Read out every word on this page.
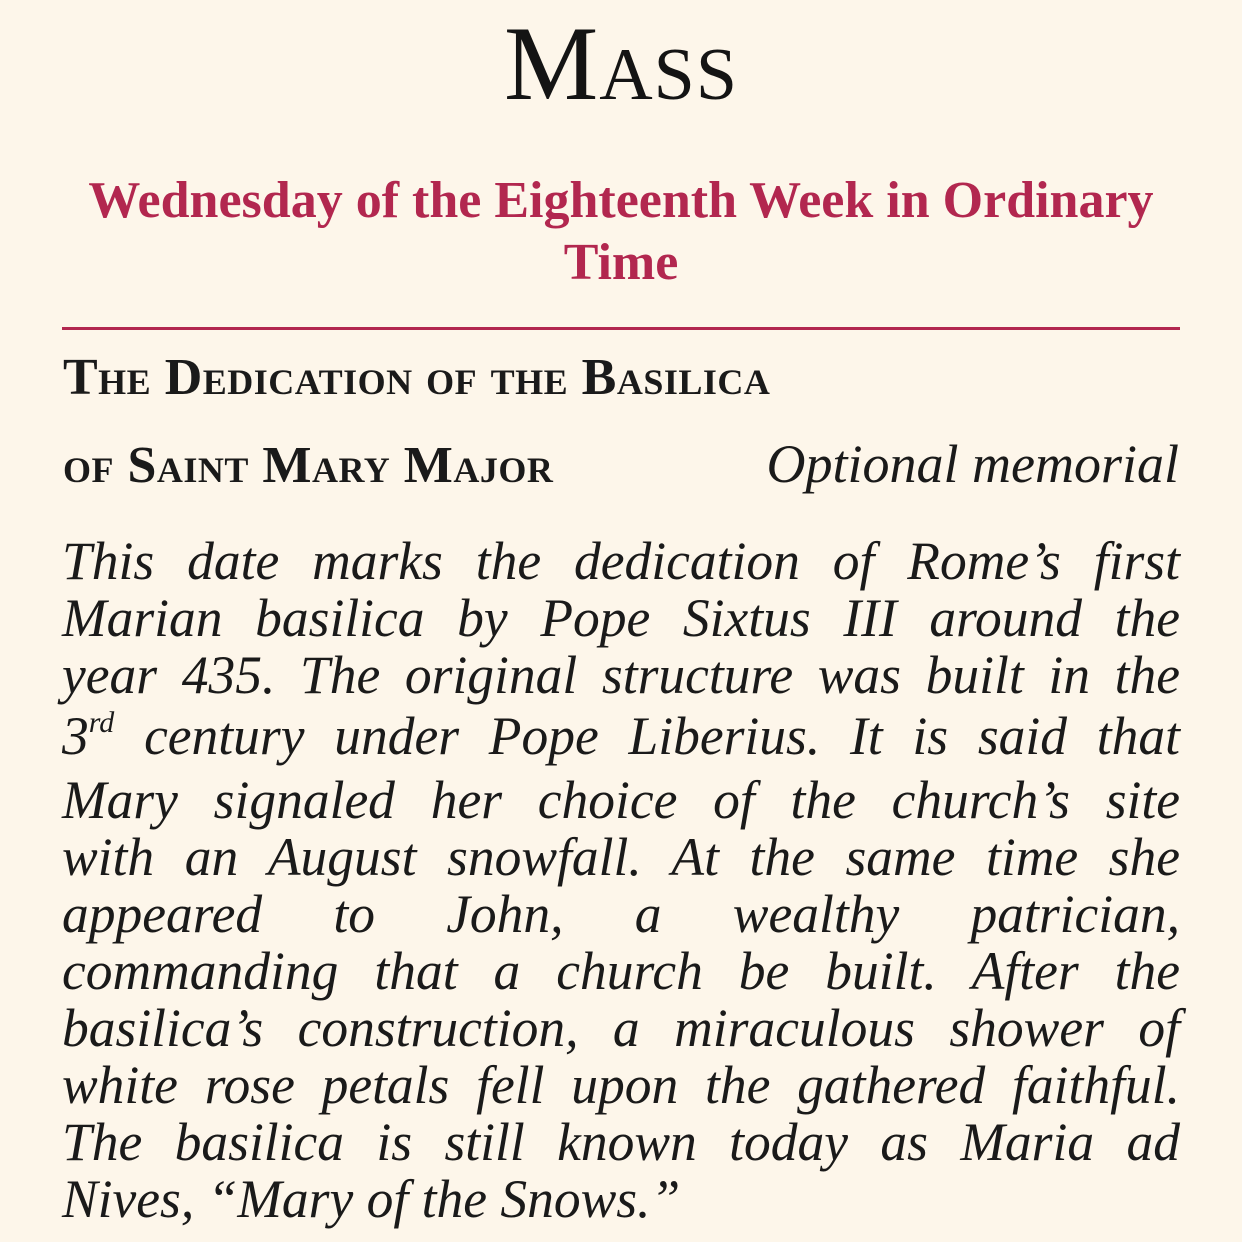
Mass
Wednesday of the Eighteenth Week in Ordinary Time
The Dedication of the Basilica
of Saint Mary Major	Optional memorial
This date marks the dedication of Rome’s first
Marian basilica by Pope Sixtus III around the
year 435. The original structure was built in the
3rd century under Pope Liberius. It is said that
Mary signaled her choice of the church’s site
with an August snowfall. At the same time she
appeared to John, a wealthy patrician,
commanding that a church be built. After the
basilica’s construction, a miraculous shower of
white rose petals fell upon the gathered faithful.
The basilica is still known today as Maria ad
Nives, “Mary of the Snows.”
